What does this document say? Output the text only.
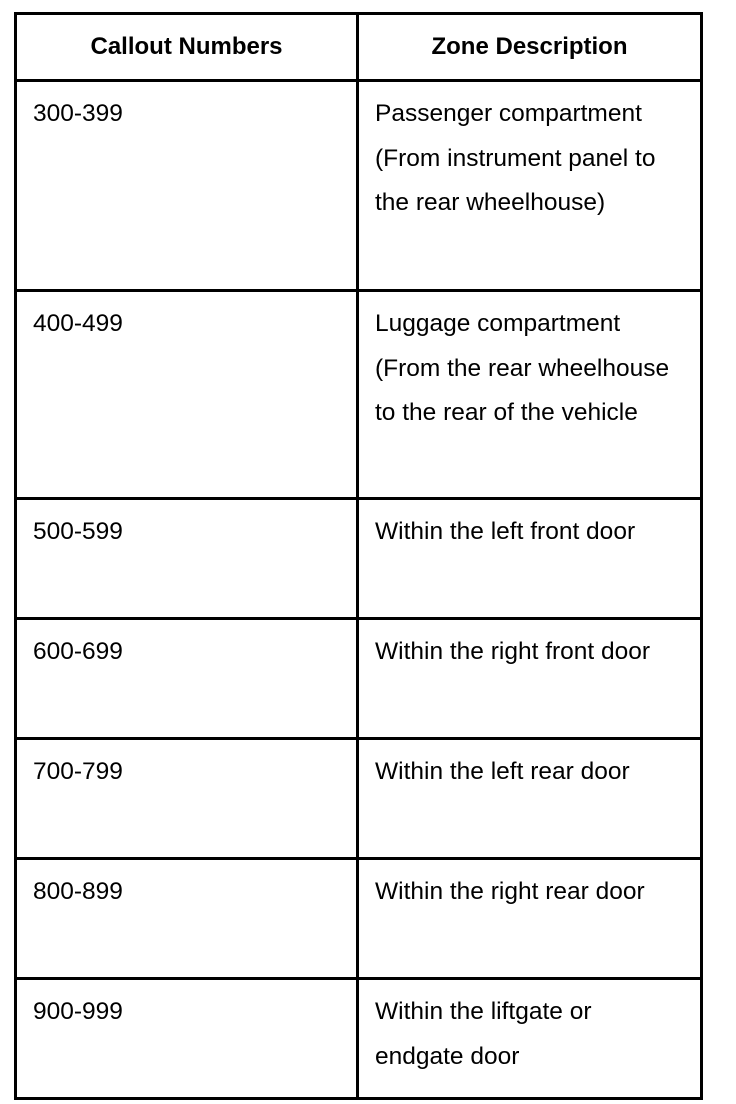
Callout Numbers	Zone Description

300-399	Passenger compartment (From instrument panel to the rear wheelhouse)

400-499	Luggage compartment (From the rear wheelhouse to the rear of the vehicle

500-599	Within the left front door

600-699	Within the right front door

700-799	Within the left rear door

800-899	Within the right rear door

900-999	Within the liftgate or endgate door
